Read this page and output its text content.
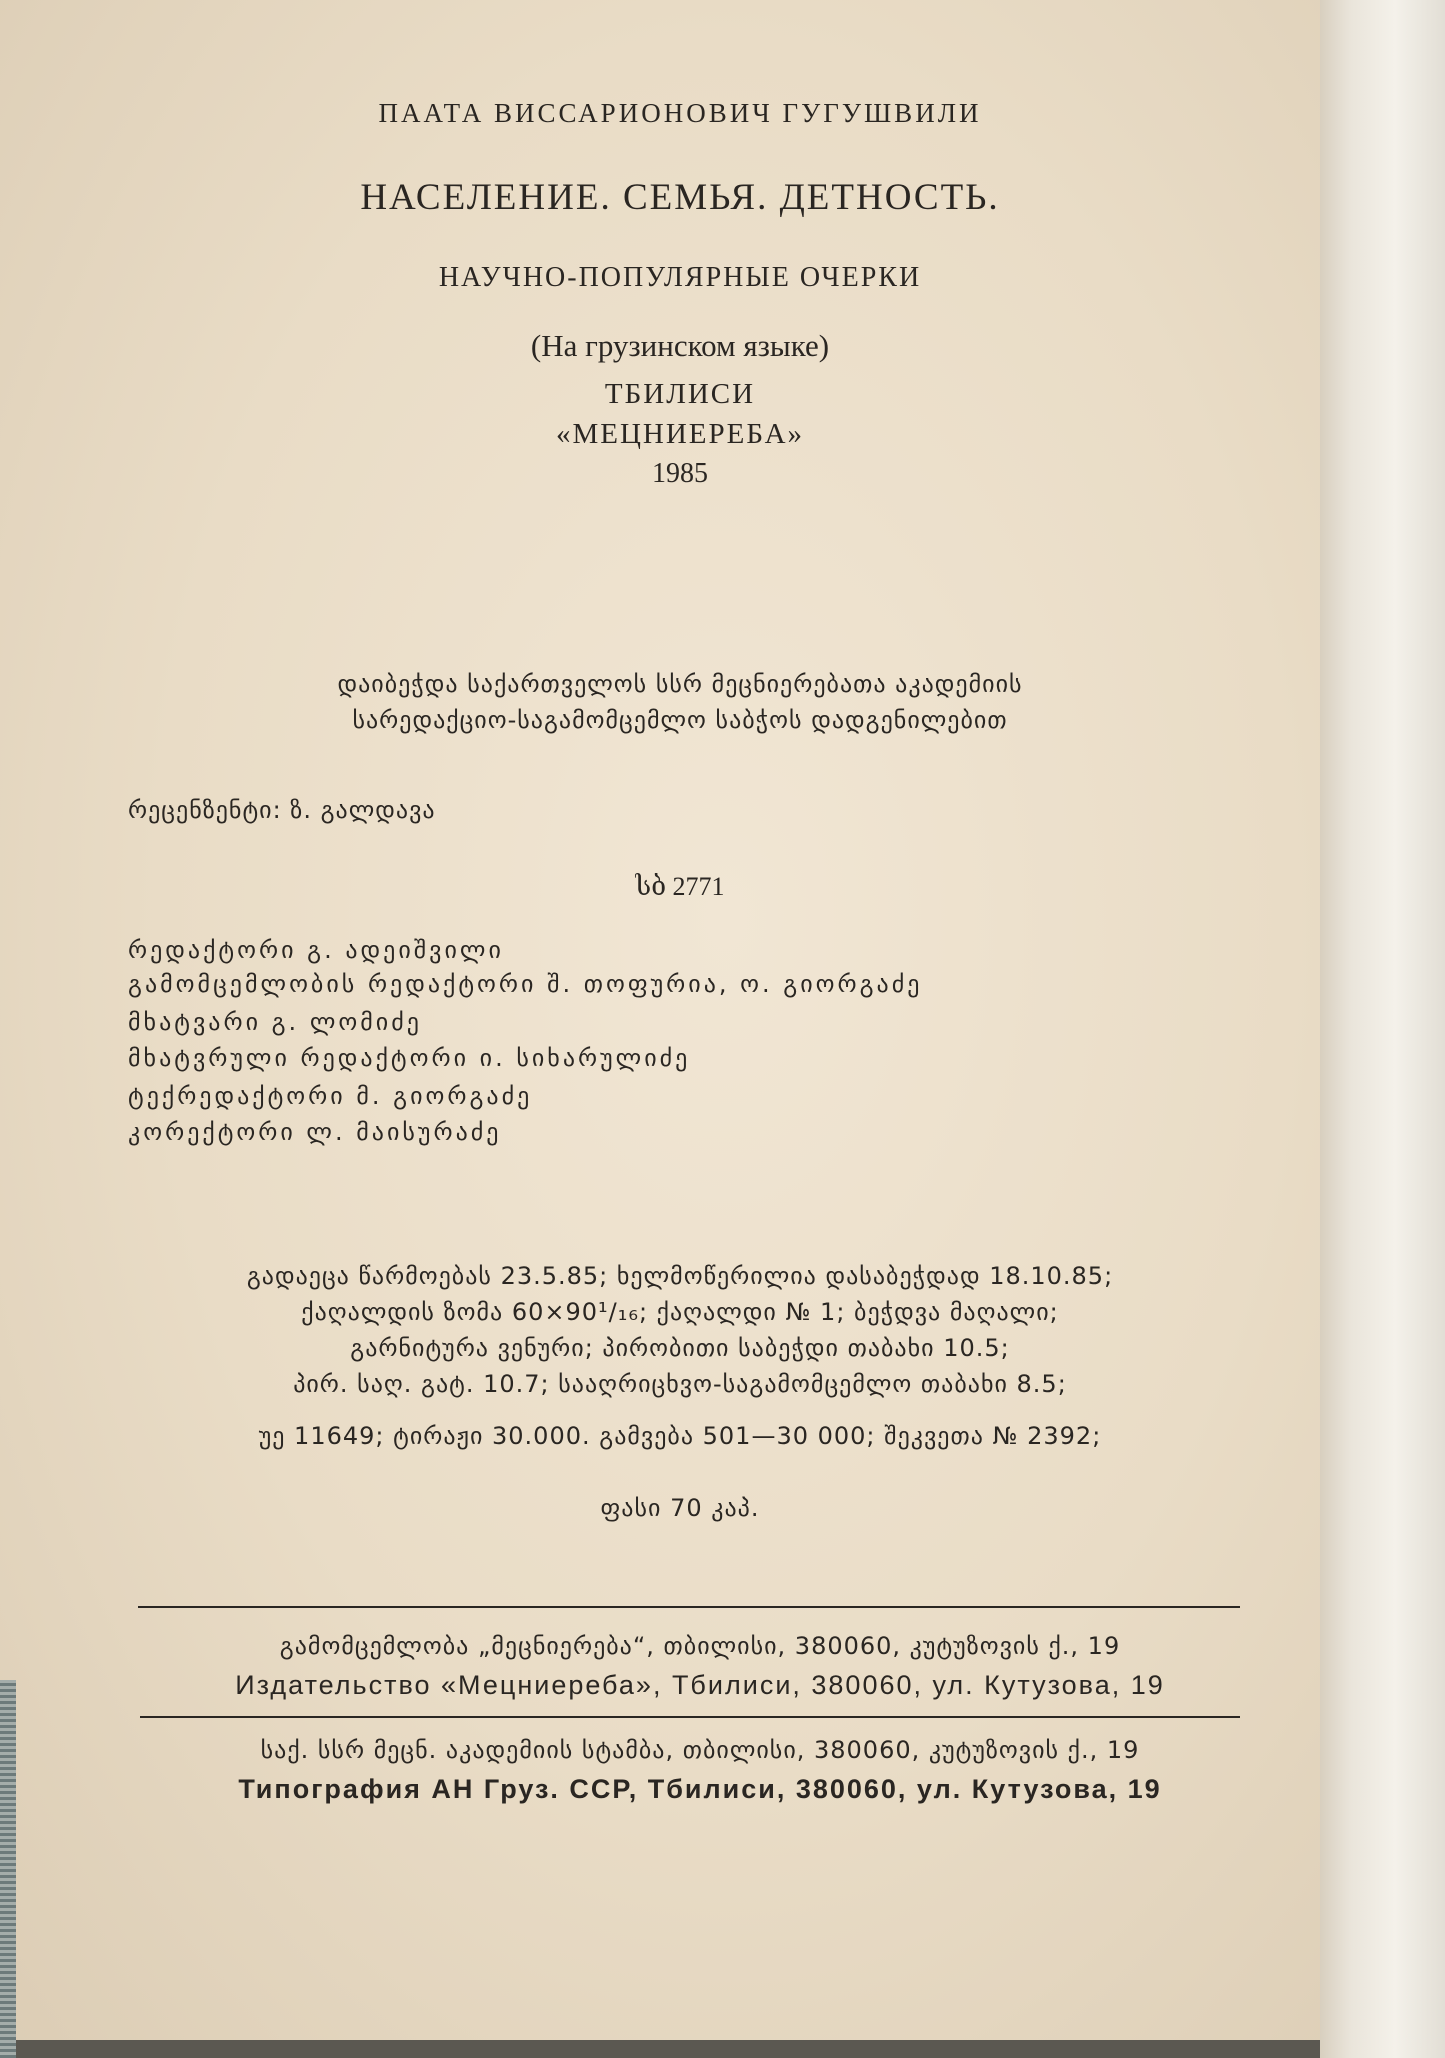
ПААТА ВИССАРИОНОВИЧ ГУГУШВИЛИ
НАСЕЛЕНИЕ. СЕМЬЯ. ДЕТНОСТЬ.
НАУЧНО-ПОПУЛЯРНЫЕ ОЧЕРКИ
(На грузинском языке)
ТБИЛИСИ
«МЕЦНИЕРЕБА»
1985
დაიბეჭდა საქართველოს სსრ მეცნიერებათა აკადემიის
სარედაქციო-საგამომცემლო საბჭოს დადგენილებით
რეცენზენტი: ზ. გალდავა
სბ 2771
რედაქტორი გ. ადეიშვილი
გამომცემლობის რედაქტორი შ. თოფურია, ო. გიორგაძე
მხატვარი გ. ლომიძე
მხატვრული რედაქტორი ი. სიხარულიძე
ტექრედაქტორი მ. გიორგაძე
კორექტორი ლ. მაისურაძე
გადაეცა წარმოებას 23.5.85; ხელმოწერილია დასაბეჭდად 18.10.85;
ქაღალდის ზომა 60×90¹/₁₆; ქაღალდი № 1; ბეჭდვა მაღალი;
გარნიტურა ვენური; პირობითი საბეჭდი თაბახი 10.5;
პირ. საღ. გატ. 10.7; სააღრიცხვო-საგამომცემლო თაბახი 8.5;
უე 11649; ტირაჟი 30.000. გამვება 501—30 000; შეკვეთა № 2392;
ფასი 70 კაპ.
გამომცემლობა „მეცნიერება“, თბილისი, 380060, კუტუზოვის ქ., 19
Издательство «Мецниереба», Тбилиси, 380060, ул. Кутузова, 19
საქ. სსრ მეცნ. აკადემიის სტამბა, თბილისი, 380060, კუტუზოვის ქ., 19
Типография АН Груз. ССР, Тбилиси, 380060, ул. Кутузова, 19
